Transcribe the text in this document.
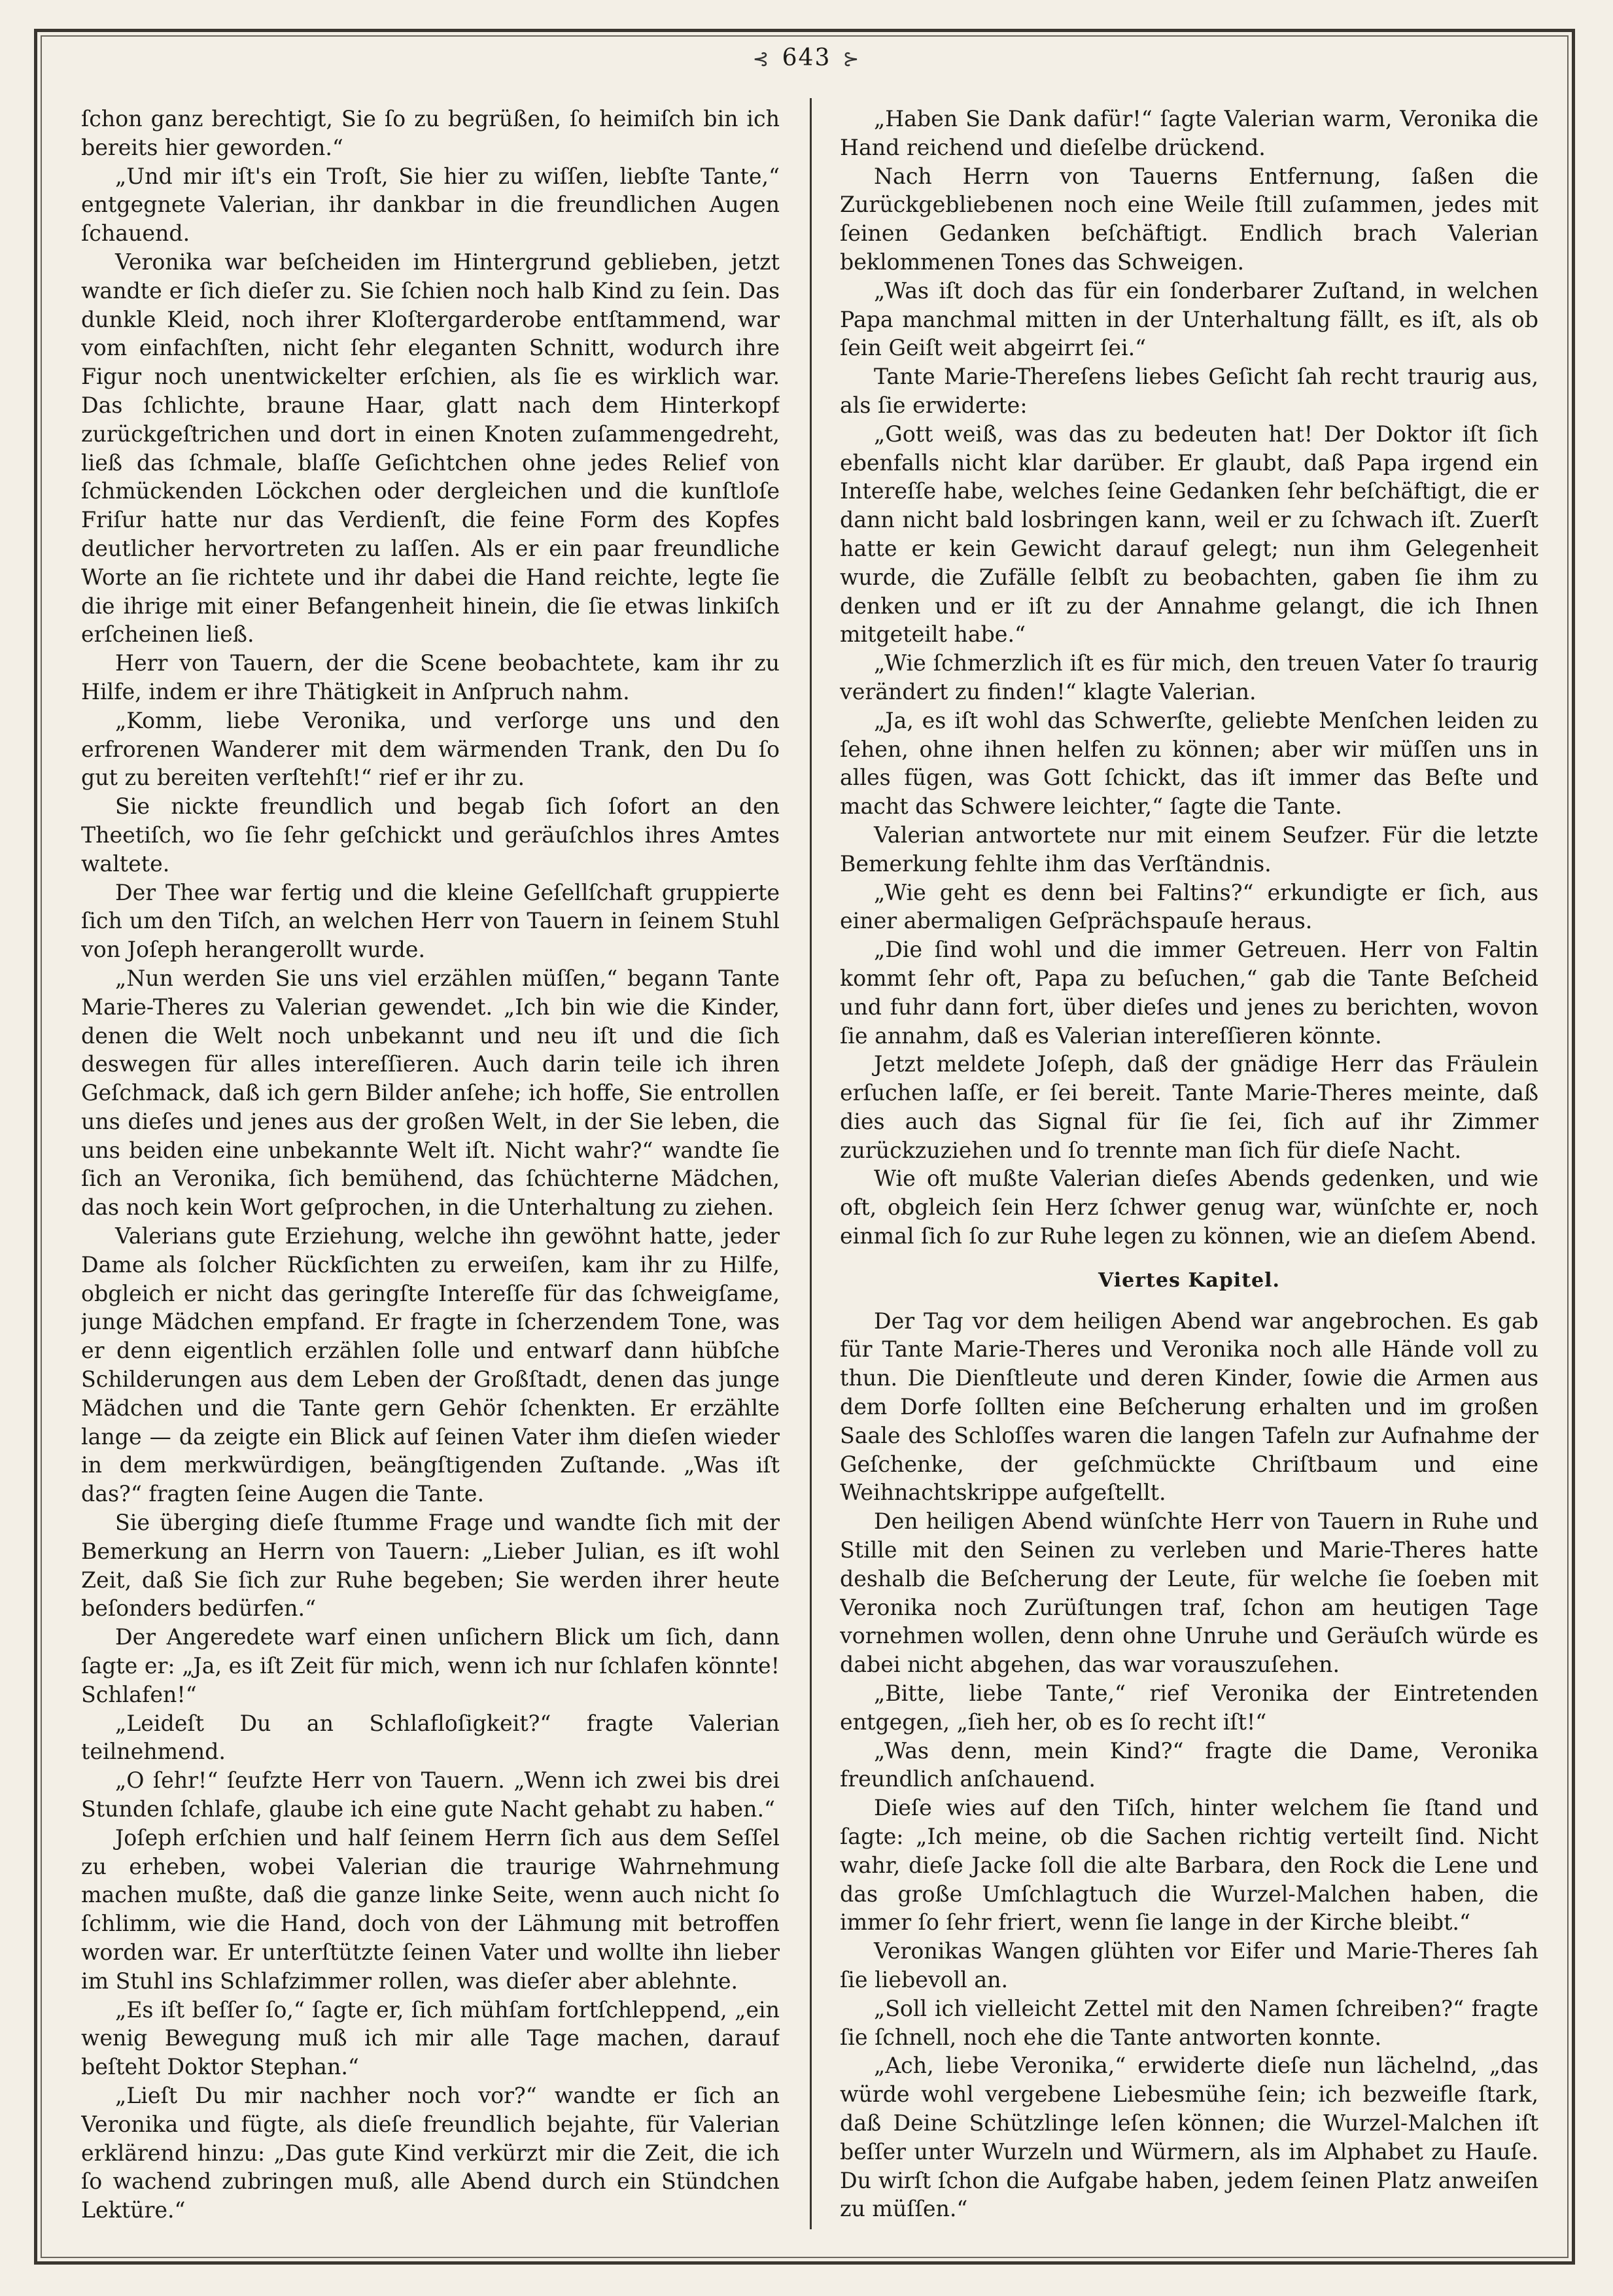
⊰ 643 ⊱

ſchon ganz berechtigt, Sie ſo zu begrüßen, ſo heimiſch bin ich bereits hier geworden.“

„Und mir iſt's ein Troſt, Sie hier zu wiſſen, liebſte Tante,“ entgegnete Valerian, ihr dankbar in die freundlichen Augen ſchauend.

Veronika war beſcheiden im Hintergrund geblieben, jetzt wandte er ſich dieſer zu. Sie ſchien noch halb Kind zu ſein. Das dunkle Kleid, noch ihrer Kloſtergarderobe entſtammend, war vom einfachſten, nicht ſehr eleganten Schnitt, wodurch ihre Figur noch unentwickelter erſchien, als ſie es wirklich war. Das ſchlichte, braune Haar, glatt nach dem Hinterkopf zurückgeſtrichen und dort in einen Knoten zuſammengedreht, ließ das ſchmale, blaſſe Geſichtchen ohne jedes Relief von ſchmückenden Löckchen oder dergleichen und die kunſtloſe Friſur hatte nur das Verdienſt, die feine Form des Kopfes deutlicher hervortreten zu laſſen. Als er ein paar freundliche Worte an ſie richtete und ihr dabei die Hand reichte, legte ſie die ihrige mit einer Befangenheit hinein, die ſie etwas linkiſch erſcheinen ließ.

Herr von Tauern, der die Scene beobachtete, kam ihr zu Hilfe, indem er ihre Thätigkeit in Anſpruch nahm.

„Komm, liebe Veronika, und verſorge uns und den erfrorenen Wanderer mit dem wärmenden Trank, den Du ſo gut zu bereiten verſtehſt!“ rief er ihr zu.

Sie nickte freundlich und begab ſich ſofort an den Theetiſch, wo ſie ſehr geſchickt und geräuſchlos ihres Amtes waltete.

Der Thee war fertig und die kleine Geſellſchaft gruppierte ſich um den Tiſch, an welchen Herr von Tauern in ſeinem Stuhl von Joſeph herangerollt wurde.

„Nun werden Sie uns viel erzählen müſſen,“ begann Tante Marie-Theres zu Valerian gewendet. „Ich bin wie die Kinder, denen die Welt noch unbekannt und neu iſt und die ſich deswegen für alles intereſſieren. Auch darin teile ich ihren Geſchmack, daß ich gern Bilder anſehe; ich hoffe, Sie entrollen uns dieſes und jenes aus der großen Welt, in der Sie leben, die uns beiden eine unbekannte Welt iſt. Nicht wahr?“ wandte ſie ſich an Veronika, ſich bemühend, das ſchüchterne Mädchen, das noch kein Wort geſprochen, in die Unterhaltung zu ziehen.

Valerians gute Erziehung, welche ihn gewöhnt hatte, jeder Dame als ſolcher Rückſichten zu erweiſen, kam ihr zu Hilfe, obgleich er nicht das geringſte Intereſſe für das ſchweigſame, junge Mädchen empfand. Er fragte in ſcherzendem Tone, was er denn eigentlich erzählen ſolle und entwarf dann hübſche Schilderungen aus dem Leben der Großſtadt, denen das junge Mädchen und die Tante gern Gehör ſchenkten. Er erzählte lange — da zeigte ein Blick auf ſeinen Vater ihm dieſen wieder in dem merkwürdigen, beängſtigenden Zuſtande. „Was iſt das?“ fragten ſeine Augen die Tante.

Sie überging dieſe ſtumme Frage und wandte ſich mit der Bemerkung an Herrn von Tauern: „Lieber Julian, es iſt wohl Zeit, daß Sie ſich zur Ruhe begeben; Sie werden ihrer heute beſonders bedürfen.“

Der Angeredete warf einen unſichern Blick um ſich, dann ſagte er: „Ja, es iſt Zeit für mich, wenn ich nur ſchlafen könnte! Schlafen!“

„Leideſt Du an Schlafloſigkeit?“ fragte Valerian teilnehmend.

„O ſehr!“ ſeufzte Herr von Tauern. „Wenn ich zwei bis drei Stunden ſchlafe, glaube ich eine gute Nacht gehabt zu haben.“

Joſeph erſchien und half ſeinem Herrn ſich aus dem Seſſel zu erheben, wobei Valerian die traurige Wahrnehmung machen mußte, daß die ganze linke Seite, wenn auch nicht ſo ſchlimm, wie die Hand, doch von der Lähmung mit betroffen worden war. Er unterſtützte ſeinen Vater und wollte ihn lieber im Stuhl ins Schlafzimmer rollen, was dieſer aber ablehnte.

„Es iſt beſſer ſo,“ ſagte er, ſich mühſam fortſchleppend, „ein wenig Bewegung muß ich mir alle Tage machen, darauf beſteht Doktor Stephan.“

„Lieſt Du mir nachher noch vor?“ wandte er ſich an Veronika und fügte, als dieſe freundlich bejahte, für Valerian erklärend hinzu: „Das gute Kind verkürzt mir die Zeit, die ich ſo wachend zubringen muß, alle Abend durch ein Stündchen Lektüre.“

„Haben Sie Dank dafür!“ ſagte Valerian warm, Veronika die Hand reichend und dieſelbe drückend.

Nach Herrn von Tauerns Entfernung, ſaßen die Zurückgebliebenen noch eine Weile ſtill zuſammen, jedes mit ſeinen Gedanken beſchäftigt. Endlich brach Valerian beklommenen Tones das Schweigen.

„Was iſt doch das für ein ſonderbarer Zuſtand, in welchen Papa manchmal mitten in der Unterhaltung fällt, es iſt, als ob ſein Geiſt weit abgeirrt ſei.“

Tante Marie-Thereſens liebes Geſicht ſah recht traurig aus, als ſie erwiderte:

„Gott weiß, was das zu bedeuten hat! Der Doktor iſt ſich ebenfalls nicht klar darüber. Er glaubt, daß Papa irgend ein Intereſſe habe, welches ſeine Gedanken ſehr beſchäftigt, die er dann nicht bald losbringen kann, weil er zu ſchwach iſt. Zuerſt hatte er kein Gewicht darauf gelegt; nun ihm Gelegenheit wurde, die Zufälle ſelbſt zu beobachten, gaben ſie ihm zu denken und er iſt zu der Annahme gelangt, die ich Ihnen mitgeteilt habe.“

„Wie ſchmerzlich iſt es für mich, den treuen Vater ſo traurig verändert zu finden!“ klagte Valerian.

„Ja, es iſt wohl das Schwerſte, geliebte Menſchen leiden zu ſehen, ohne ihnen helfen zu können; aber wir müſſen uns in alles fügen, was Gott ſchickt, das iſt immer das Beſte und macht das Schwere leichter,“ ſagte die Tante.

Valerian antwortete nur mit einem Seufzer. Für die letzte Bemerkung fehlte ihm das Verſtändnis.

„Wie geht es denn bei Faltins?“ erkundigte er ſich, aus einer abermaligen Geſprächspauſe heraus.

„Die ſind wohl und die immer Getreuen. Herr von Faltin kommt ſehr oft, Papa zu beſuchen,“ gab die Tante Beſcheid und fuhr dann fort, über dieſes und jenes zu berichten, wovon ſie annahm, daß es Valerian intereſſieren könnte.

Jetzt meldete Joſeph, daß der gnädige Herr das Fräulein erſuchen laſſe, er ſei bereit. Tante Marie-Theres meinte, daß dies auch das Signal für ſie ſei, ſich auf ihr Zimmer zurückzuziehen und ſo trennte man ſich für dieſe Nacht.

Wie oft mußte Valerian dieſes Abends gedenken, und wie oft, obgleich ſein Herz ſchwer genug war, wünſchte er, noch einmal ſich ſo zur Ruhe legen zu können, wie an dieſem Abend.

Viertes Kapitel.

Der Tag vor dem heiligen Abend war angebrochen. Es gab für Tante Marie-Theres und Veronika noch alle Hände voll zu thun. Die Dienſtleute und deren Kinder, ſowie die Armen aus dem Dorfe ſollten eine Beſcherung erhalten und im großen Saale des Schloſſes waren die langen Tafeln zur Aufnahme der Geſchenke, der geſchmückte Chriſtbaum und eine Weihnachtskrippe aufgeſtellt.

Den heiligen Abend wünſchte Herr von Tauern in Ruhe und Stille mit den Seinen zu verleben und Marie-Theres hatte deshalb die Beſcherung der Leute, für welche ſie ſoeben mit Veronika noch Zurüſtungen traf, ſchon am heutigen Tage vornehmen wollen, denn ohne Unruhe und Geräuſch würde es dabei nicht abgehen, das war vorauszuſehen.

„Bitte, liebe Tante,“ rief Veronika der Eintretenden entgegen, „ſieh her, ob es ſo recht iſt!“

„Was denn, mein Kind?“ fragte die Dame, Veronika freundlich anſchauend.

Dieſe wies auf den Tiſch, hinter welchem ſie ſtand und ſagte: „Ich meine, ob die Sachen richtig verteilt ſind. Nicht wahr, dieſe Jacke ſoll die alte Barbara, den Rock die Lene und das große Umſchlagtuch die Wurzel-Malchen haben, die immer ſo ſehr friert, wenn ſie lange in der Kirche bleibt.“

Veronikas Wangen glühten vor Eifer und Marie-Theres ſah ſie liebevoll an.

„Soll ich vielleicht Zettel mit den Namen ſchreiben?“ fragte ſie ſchnell, noch ehe die Tante antworten konnte.

„Ach, liebe Veronika,“ erwiderte dieſe nun lächelnd, „das würde wohl vergebene Liebesmühe ſein; ich bezweifle ſtark, daß Deine Schützlinge leſen können; die Wurzel-Malchen iſt beſſer unter Wurzeln und Würmern, als im Alphabet zu Hauſe. Du wirſt ſchon die Aufgabe haben, jedem ſeinen Platz anweiſen zu müſſen.“
